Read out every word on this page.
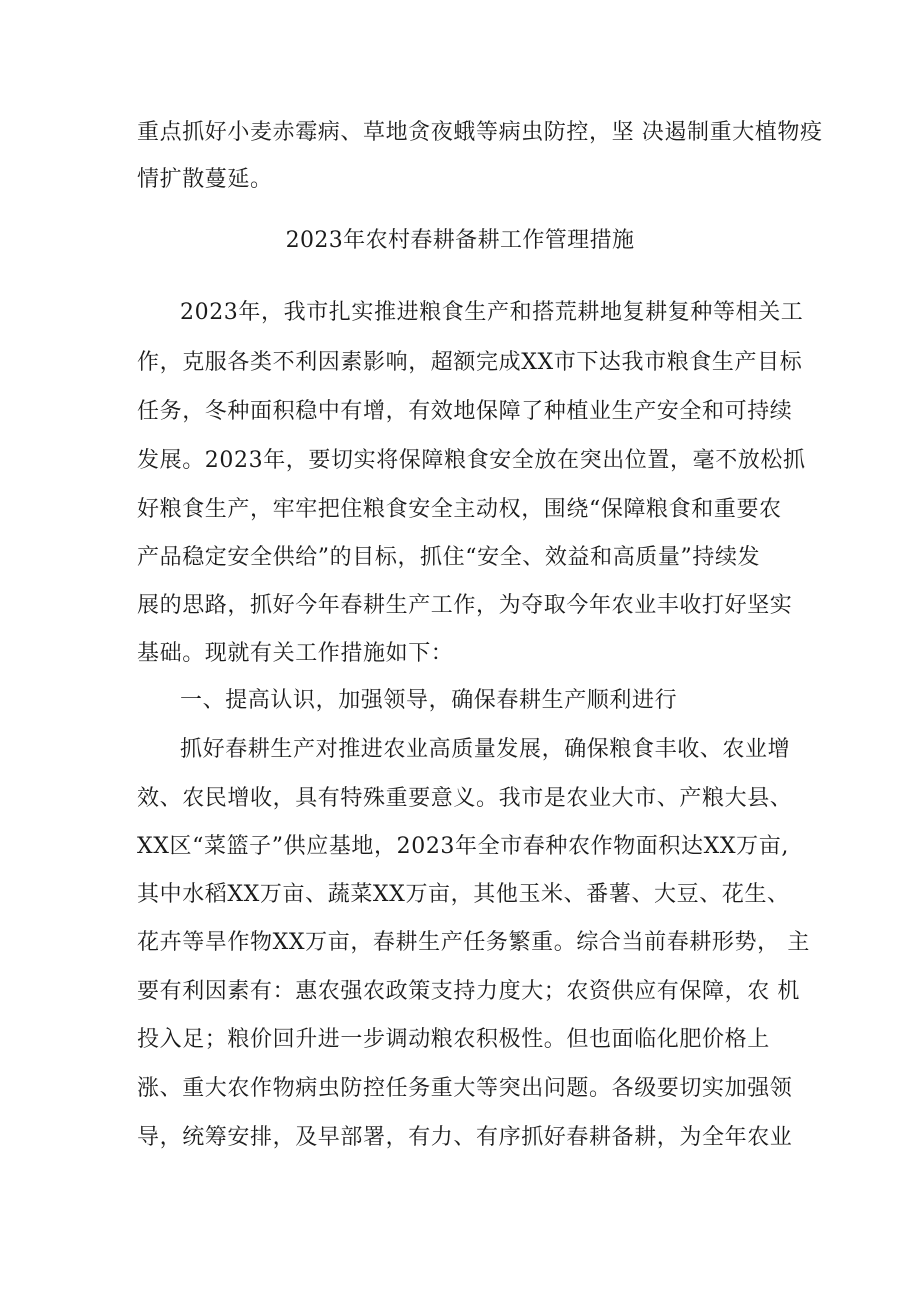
重点抓好小麦赤霉病、草地贪夜蛾等病虫防控，坚 决遏制重大植物疫
情扩散蔓延。
2023年农村春耕备耕工作管理措施
2023年，我市扎实推进粮食生产和搭荒耕地复耕复种等相关工
作，克服各类不利因素影响，超额完成XX市下达我市粮食生产目标
任务，冬种面积稳中有增，有效地保障了种植业生产安全和可持续
发展。2023年，要切实将保障粮食安全放在突出位置，毫不放松抓
好粮食生产，牢牢把住粮食安全主动权，围绕“保障粮食和重要农
产品稳定安全供给”的目标，抓住“安全、效益和高质量”持续发
展的思路，抓好今年春耕生产工作，为夺取今年农业丰收打好坚实
基础。现就有关工作措施如下：
一、提高认识，加强领导，确保春耕生产顺利进行
抓好春耕生产对推进农业高质量发展，确保粮食丰收、农业增
效、农民增收，具有特殊重要意义。我市是农业大市、产粮大县、
XX区“菜篮子”供应基地，2023年全市春种农作物面积达XX万亩,
其中水稻XX万亩、蔬菜XX万亩，其他玉米、番薯、大豆、花生、
花卉等旱作物XX万亩，春耕生产任务繁重。综合当前春耕形势， 主
要有利因素有：惠农强农政策支持力度大；农资供应有保障，农 机
投入足；粮价回升进一步调动粮农积极性。但也面临化肥价格上
涨、重大农作物病虫防控任务重大等突出问题。各级要切实加强领
导，统筹安排，及早部署，有力、有序抓好春耕备耕，为全年农业
